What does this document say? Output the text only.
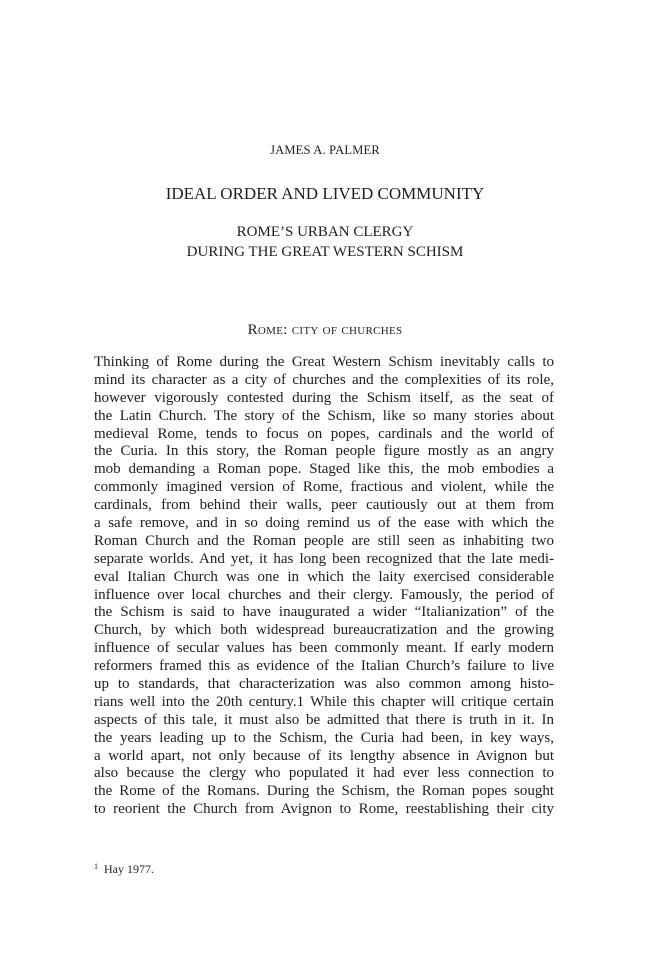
JAMES A. PALMER
IDEAL ORDER AND LIVED COMMUNITY
ROME’S URBAN CLERGY
DURING THE GREAT WESTERN SCHISM
Rome: city of churches
Thinking of Rome during the Great Western Schism inevitably calls to
mind its character as a city of churches and the complexities of its role,
however vigorously contested during the Schism itself, as the seat of
the Latin Church. The story of the Schism, like so many stories about
medieval Rome, tends to focus on popes, cardinals and the world of
the Curia. In this story, the Roman people figure mostly as an angry
mob demanding a Roman pope. Staged like this, the mob embodies a
commonly imagined version of Rome, fractious and violent, while the
cardinals, from behind their walls, peer cautiously out at them from
a safe remove, and in so doing remind us of the ease with which the
Roman Church and the Roman people are still seen as inhabiting two
separate worlds. And yet, it has long been recognized that the late medi-
eval Italian Church was one in which the laity exercised considerable
influence over local churches and their clergy. Famously, the period of
the Schism is said to have inaugurated a wider “Italianization” of the
Church, by which both widespread bureaucratization and the growing
influence of secular values has been commonly meant. If early modern
reformers framed this as evidence of the Italian Church’s failure to live
up to standards, that characterization was also common among histo-
rians well into the 20th century.1 While this chapter will critique certain
aspects of this tale, it must also be admitted that there is truth in it. In
the years leading up to the Schism, the Curia had been, in key ways,
a world apart, not only because of its lengthy absence in Avignon but
also because the clergy who populated it had ever less connection to
the Rome of the Romans. During the Schism, the Roman popes sought
to reorient the Church from Avignon to Rome, reestablishing their city
$^1$ Hay 1977.
